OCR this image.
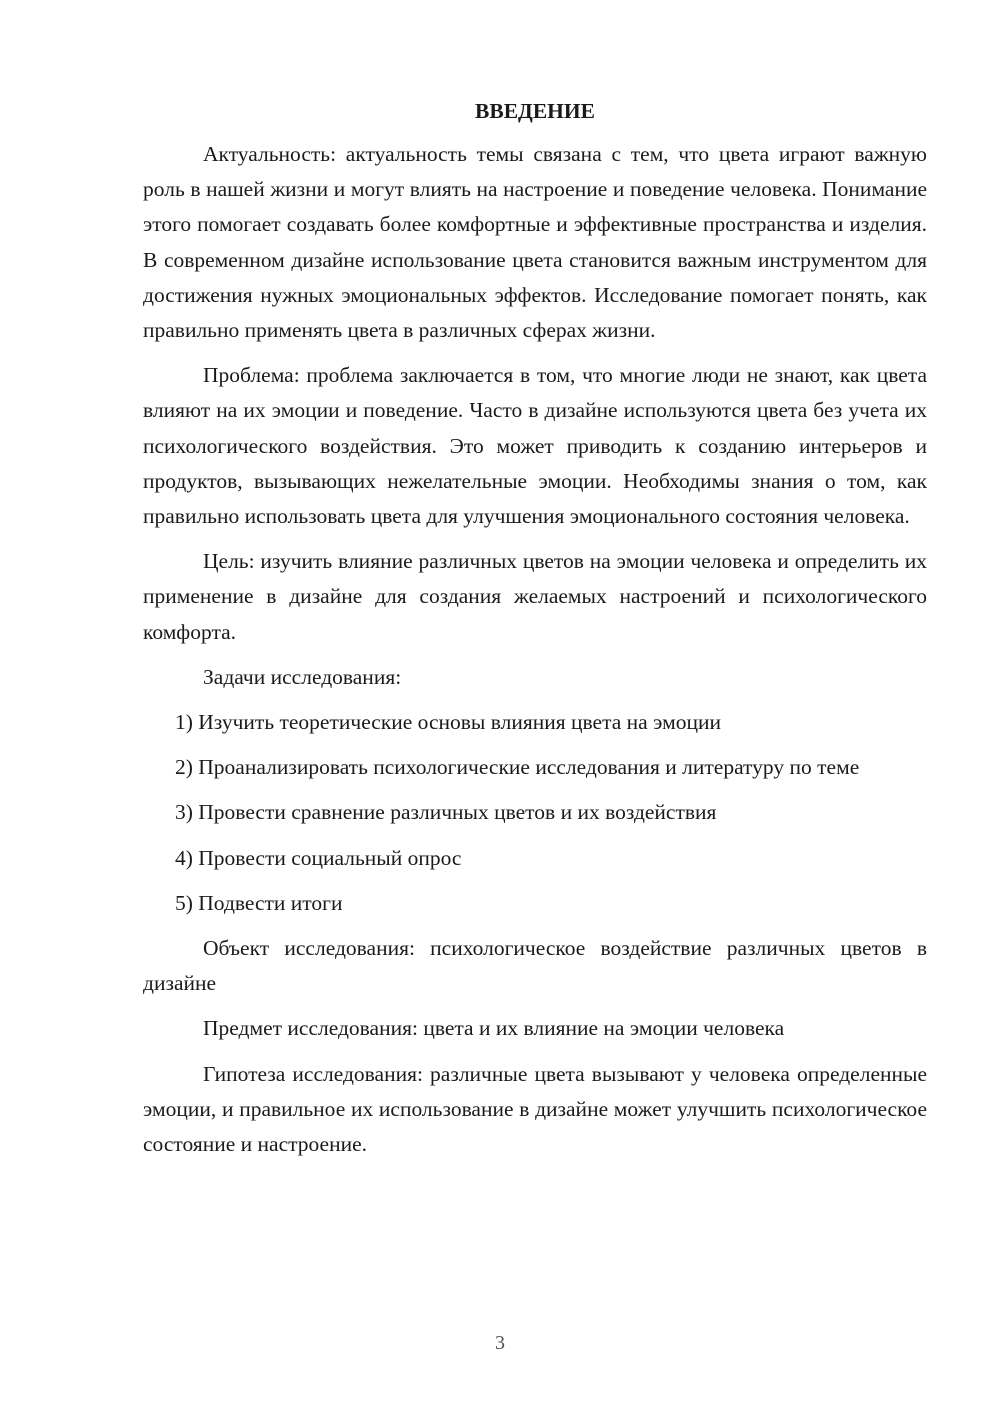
ВВЕДЕНИЕ

Актуальность: актуальность темы связана с тем, что цвета играют важную роль в нашей жизни и могут влиять на настроение и поведение человека. Понимание этого помогает создавать более комфортные и эффективные пространства и изделия. В современном дизайне использование цвета становится важным инструментом для достижения нужных эмоциональных эффектов. Исследование помогает понять, как правильно применять цвета в различных сферах жизни.

Проблема: проблема заключается в том, что многие люди не знают, как цвета влияют на их эмоции и поведение. Часто в дизайне используются цвета без учета их психологического воздействия. Это может приводить к созданию интерьеров и продуктов, вызывающих нежелательные эмоции. Необходимы знания о том, как правильно использовать цвета для улучшения эмоционального состояния человека.

Цель: изучить влияние различных цветов на эмоции человека и определить их применение в дизайне для создания желаемых настроений и психологического комфорта.

Задачи исследования:

1) Изучить теоретические основы влияния цвета на эмоции

2) Проанализировать психологические исследования и литературу по теме

3) Провести сравнение различных цветов и их воздействия

4) Провести социальный опрос

5) Подвести итоги

Объект исследования: психологическое воздействие различных цветов в дизайне

Предмет исследования: цвета и их влияние на эмоции человека

Гипотеза исследования: различные цвета вызывают у человека определенные эмоции, и правильное их использование в дизайне может улучшить психологическое состояние и настроение.

3
